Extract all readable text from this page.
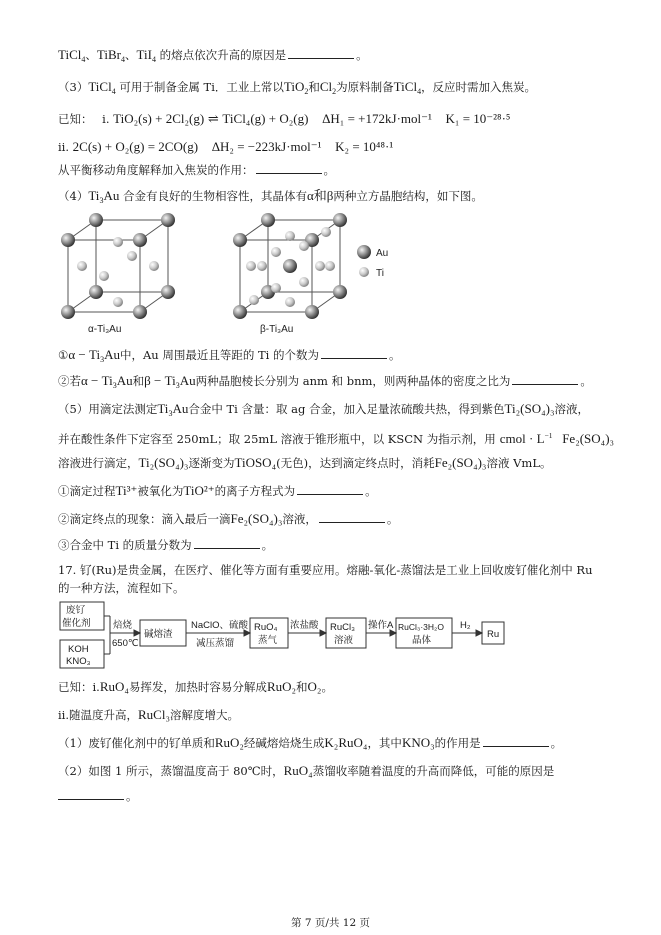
TiCl$_4$、TiBr$_4$、TiI$_4$ 的熔点依次升高的原因是	。
（3）TiCl$_4$ 可用于制备金属 Ti．工业上常以TiO$_2$和$Cl_2$为原料制备TiCl$_4$，反应时需加入焦炭。
已知： ⅰ. TiO₂(s) + 2Cl₂(g) ⇌ TiCl₄(g) + O₂(g) ΔH₁ = +172kJ·mol⁻¹ K₁ = 10⁻²⁸·⁵
ⅱ. 2C(s) + O₂(g) = 2CO(g) ΔH₂ = −223kJ·mol⁻¹ K₂ = 10⁴⁸·¹
从平衡移动角度解释加入焦炭的作用：	。
$(4)Ti_3Au$ 合金有良好的生物相容性，其晶体有α和β两种立方晶胞结构，如下图。
α-Ti₃Au	β-Ti₃Au
Au
Ti
①α − $Ti_3Au$中，Au 周围最近且等距的 Ti 的个数为	。
②若$\alpha - Ti_3Au$和$\beta - Ti_3Au$两种晶胞棱长分别为 anm 和 bnm，则两种晶体的密度之比为	。
（5）用滴定法测定$Ti_3Au$合金中 Ti 含量：取 ag 合金，加入足量浓硫酸共热，得到紫色Ti₂(SO₄)₃溶液，
并在酸性条件下定容至 250mL；取 25mL 溶液于锥形瓶中，以 KSCN 为指示剂，用 cmol · $L^{-1}$ Fe₂(SO₄)₃
溶液进行滴定，Ti₂(SO₄)₃逐渐变为TiOSO₄(无色)，达到滴定终点时，消耗Fe₂(SO₄)₃溶液 VmL。
①滴定过程Ti³⁺被氧化为TiO²⁺的离子方程式为	。
②滴定终点的现象：滴入最后一滴Fe₂(SO₄)₃溶液，	。
③合金中 Ti 的质量分数为	。
17. 钌(Ru)是贵金属，在医疗、催化等方面有重要应用。熔融-氧化-蒸馏法是工业上回收废钌催化剂中 Ru
的一种方法，流程如下。
废钌
催化剂
KOH
KNO₃
焙烧
650℃
碱熔渣
NaClO、硫酸
减压蒸馏
RuO₄
蒸气
浓盐酸 RuCl₃
溶液
操作A RuCl₃·3H₂O
晶体
H₂
Ru
已知：ⅰ.RuO₄易挥发，加热时容易分解成RuO₂和O₂。
ⅱ.随温度升高，RuCl₃溶解度增大。
（1）废钌催化剂中的钌单质和RuO₂经碱熔焙烧生成K₂RuO₄，其中KNO₃的作用是	。
（2）如图 1 所示，蒸馏温度高于 80℃时，RuO₄蒸馏收率随着温度的升高而降低，可能的原因是
。
第 7 页/共 12 页
